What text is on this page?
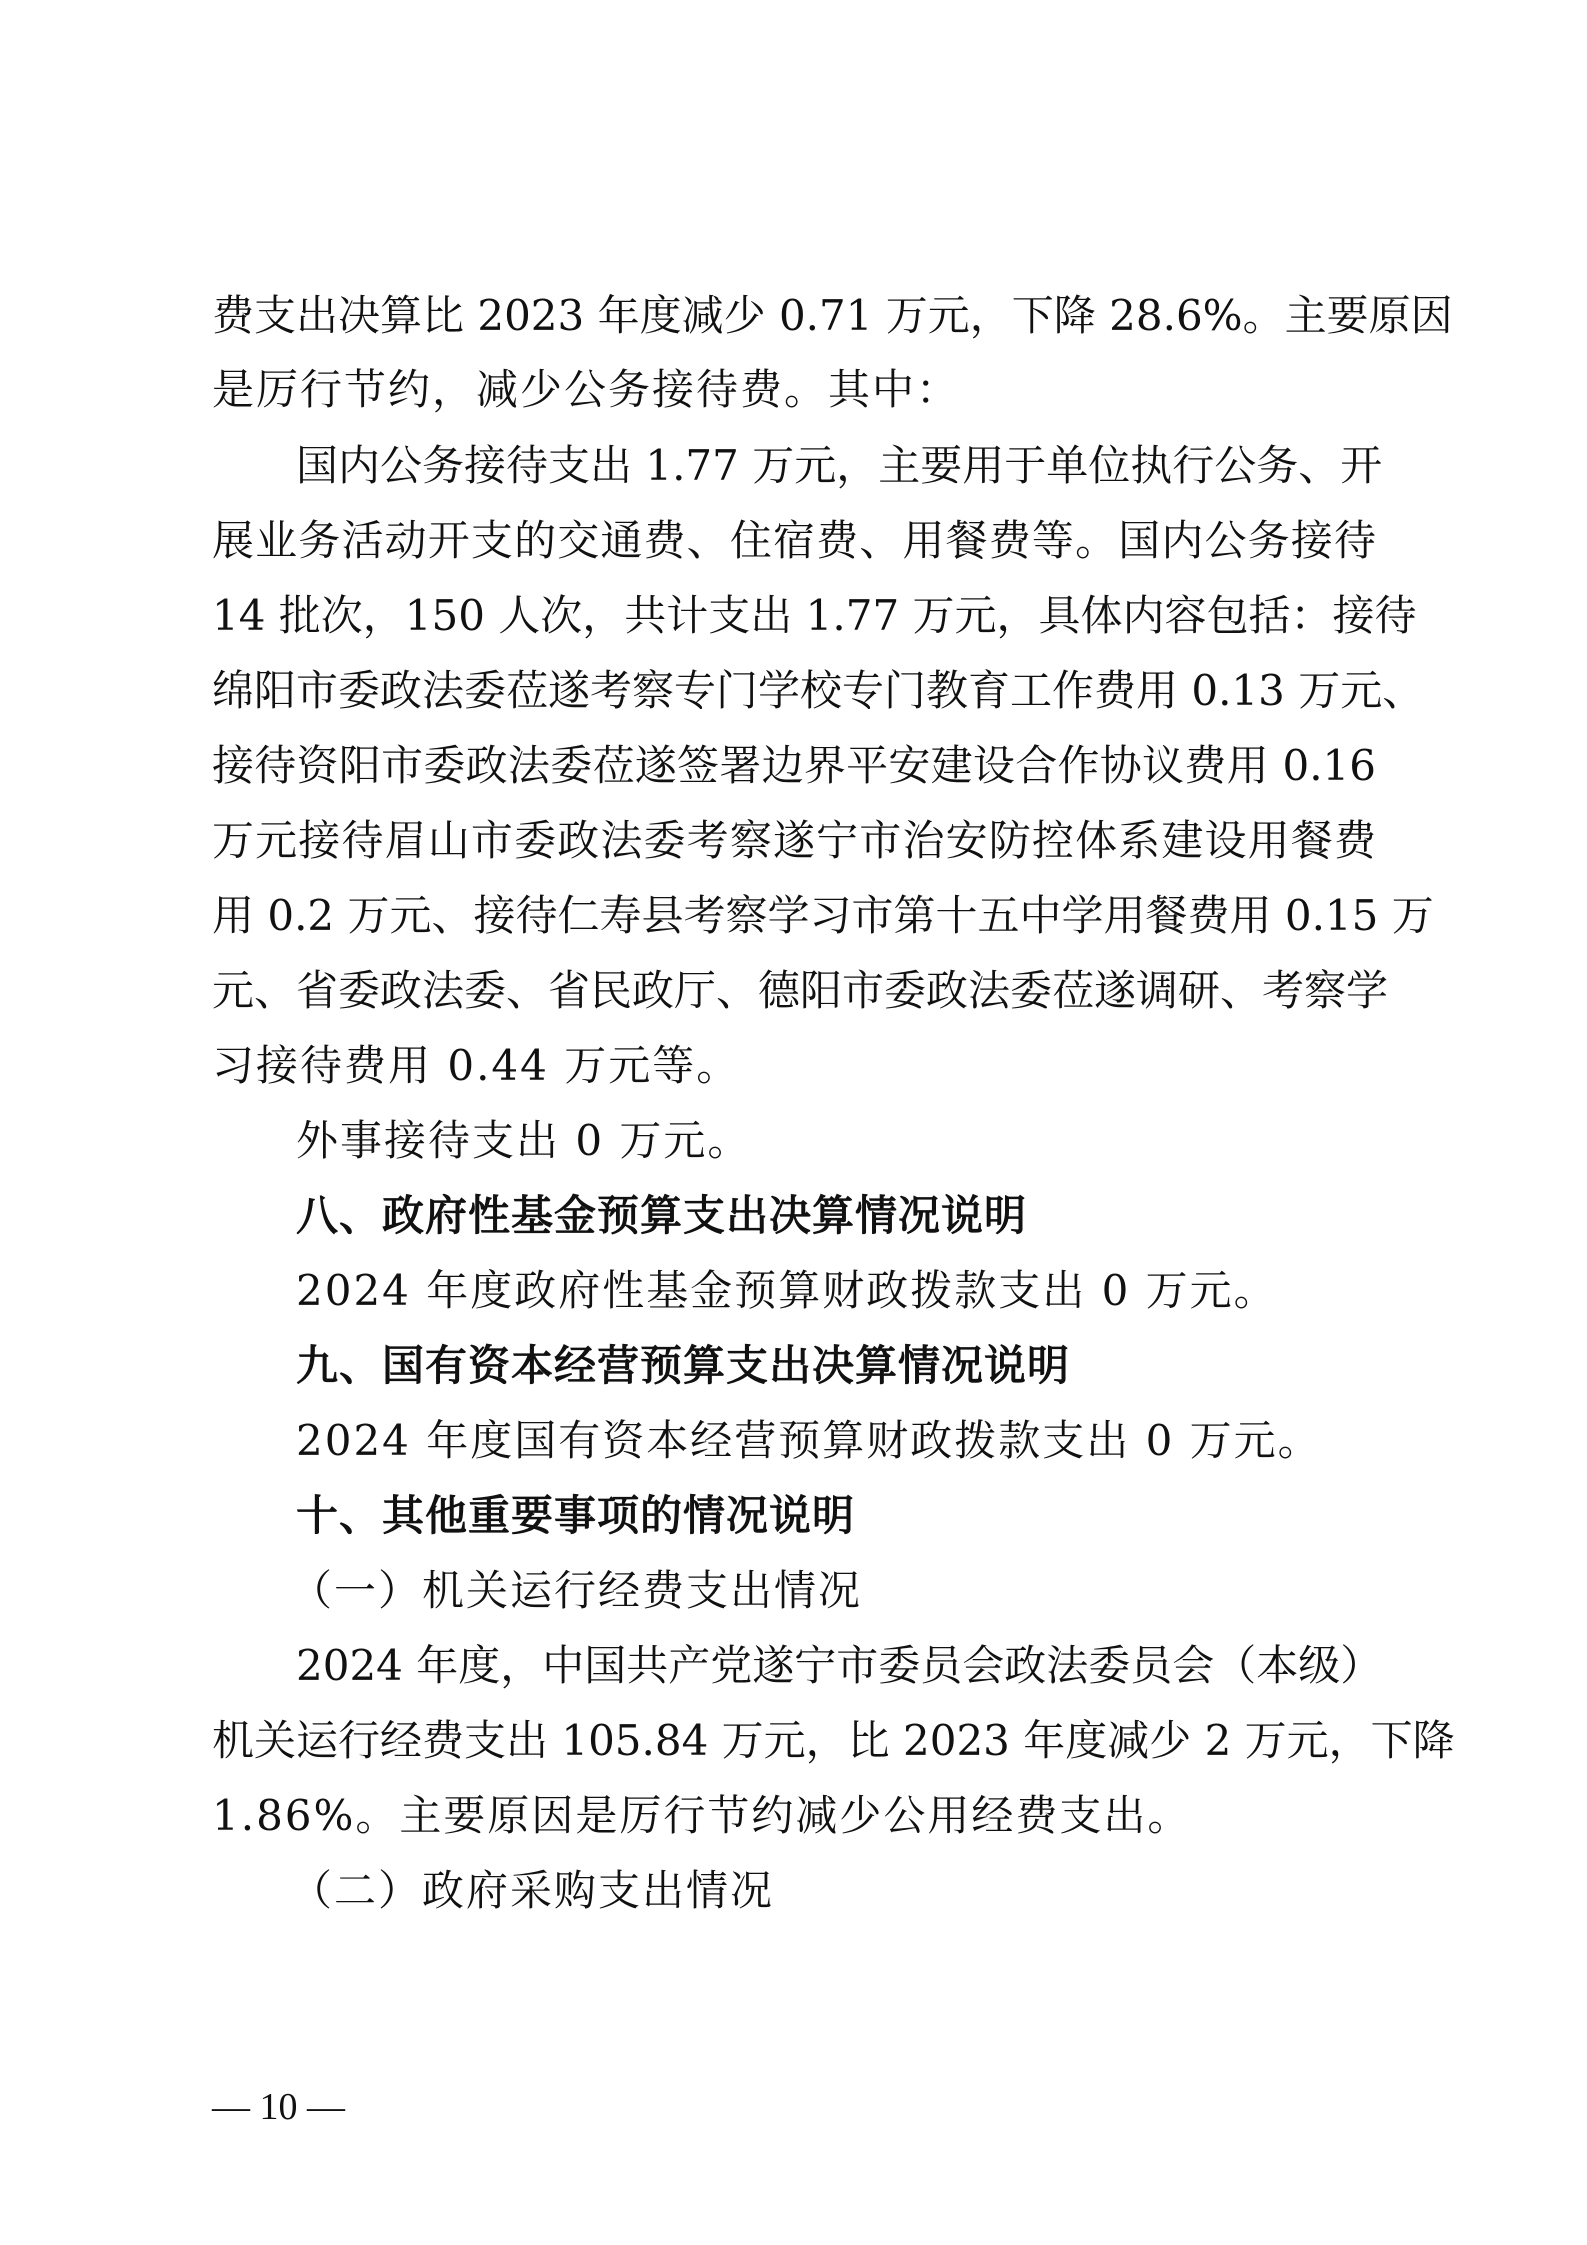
费支出决算比 2023 年度减少 0.71 万元，下降 28.6%。主要原因
是厉行节约，减少公务接待费。其中：
国内公务接待支出 1.77 万元，主要用于单位执行公务、开
展业务活动开支的交通费、住宿费、用餐费等。国内公务接待
14 批次，150 人次，共计支出 1.77 万元，具体内容包括：接待
绵阳市委政法委莅遂考察专门学校专门教育工作费用 0.13 万元、
接待资阳市委政法委莅遂签署边界平安建设合作协议费用 0.16
万元接待眉山市委政法委考察遂宁市治安防控体系建设用餐费
用 0.2 万元、接待仁寿县考察学习市第十五中学用餐费用 0.15 万
元、省委政法委、省民政厅、德阳市委政法委莅遂调研、考察学
习接待费用 0.44 万元等。
外事接待支出 0 万元。
八、政府性基金预算支出决算情况说明
2024 年度政府性基金预算财政拨款支出 0 万元。
九、国有资本经营预算支出决算情况说明
2024 年度国有资本经营预算财政拨款支出 0 万元。
十、其他重要事项的情况说明
（一）机关运行经费支出情况
2024 年度，中国共产党遂宁市委员会政法委员会（本级）
机关运行经费支出 105.84 万元，比 2023 年度减少 2 万元，下降
1.86%。主要原因是厉行节约减少公用经费支出。
（二）政府采购支出情况
— 10 —
